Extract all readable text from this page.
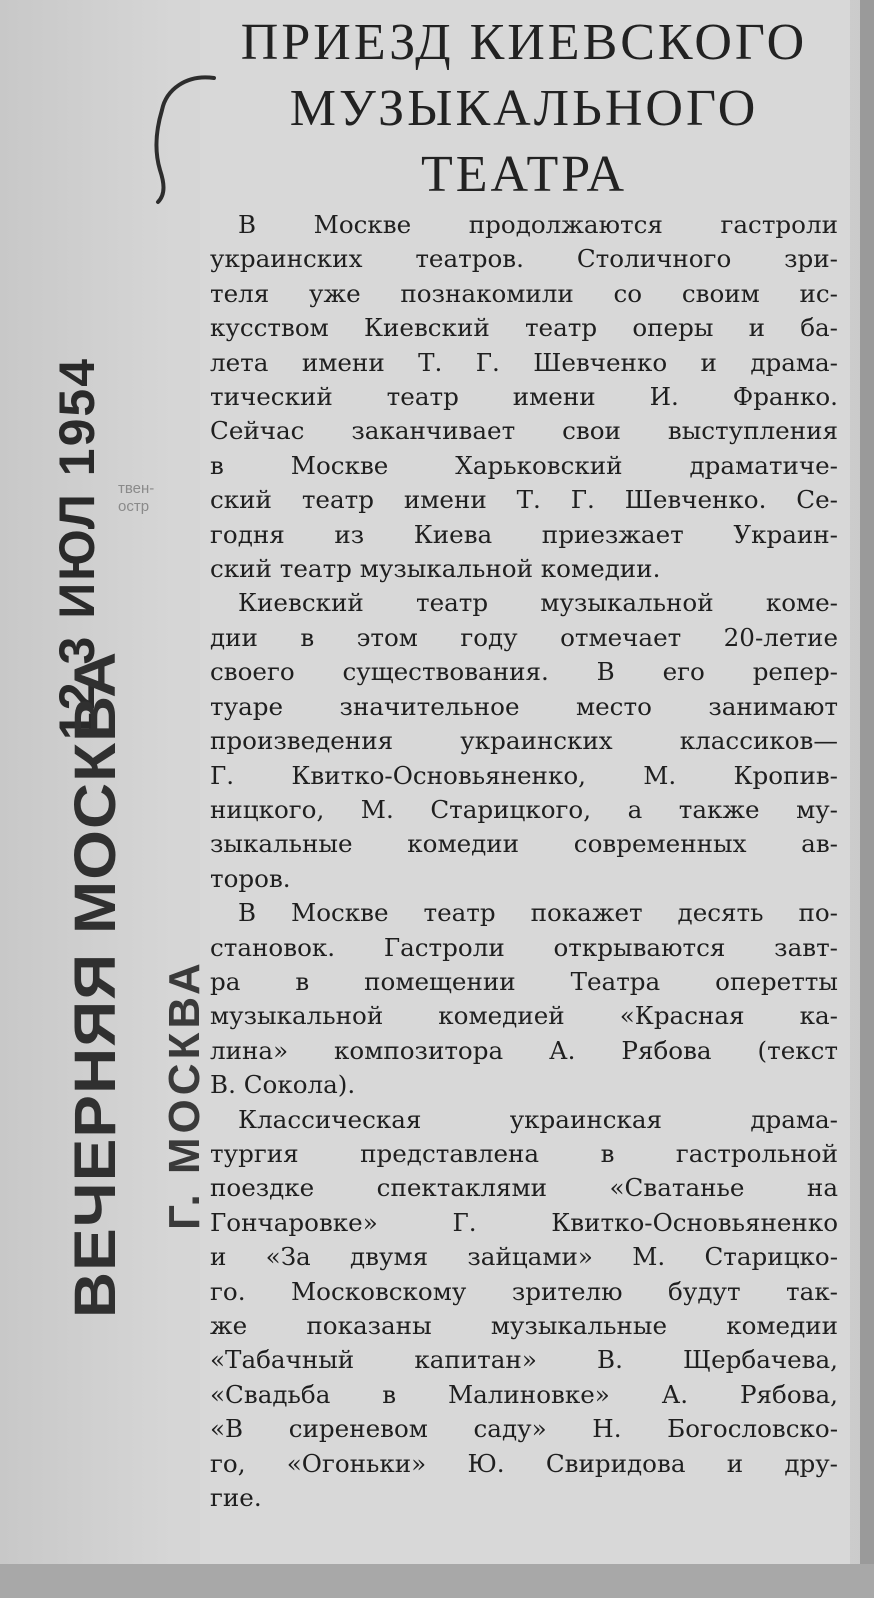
твен-
остр
ПРИЕЗД КИЕВСКОГО
МУЗЫКАЛЬНОГО
ТЕАТРА
В Москве продолжаются гастроли
украинских театров. Столичного зри-
теля уже познакомили со своим ис-
кусством Киевский театр оперы и ба-
лета имени Т. Г. Шевченко и драма-
тический театр имени И. Франко.
Сейчас заканчивает свои выступления
в Москве Харьковский драматиче-
ский театр имени Т. Г. Шевченко. Се-
годня из Киева приезжает Украин-
ский театр музыкальной комедии.
Киевский театр музыкальной коме-
дии в этом году отмечает 20-летие
своего существования. В его репер-
туаре значительное место занимают
произведения украинских классиков—
Г. Квитко-Основьяненко, М. Кропив-
ницкого, М. Старицкого, а также му-
зыкальные комедии современных ав-
торов.
В Москве театр покажет десять по-
становок. Гастроли открываются завт-
ра в помещении Театра оперетты
музыкальной комедией «Красная ка-
лина» композитора А. Рябова (текст
В. Сокола).
Классическая украинская драма-
тургия представлена в гастрольной
поездке спектаклями «Сватанье на
Гончаровке» Г. Квитко-Основьяненко
и «За двумя зайцами» М. Старицко-
го. Московскому зрителю будут так-
же показаны музыкальные комедии
«Табачный капитан» В. Щербачева,
«Свадьба в Малиновке» А. Рябова,
«В сиреневом саду» Н. Богословско-
го, «Огоньки» Ю. Свиридова и дру-
гие.
12 3 ИЮЛ 1954
ВЕЧЕРНЯЯ МОСКВА Г. МОСКВА
